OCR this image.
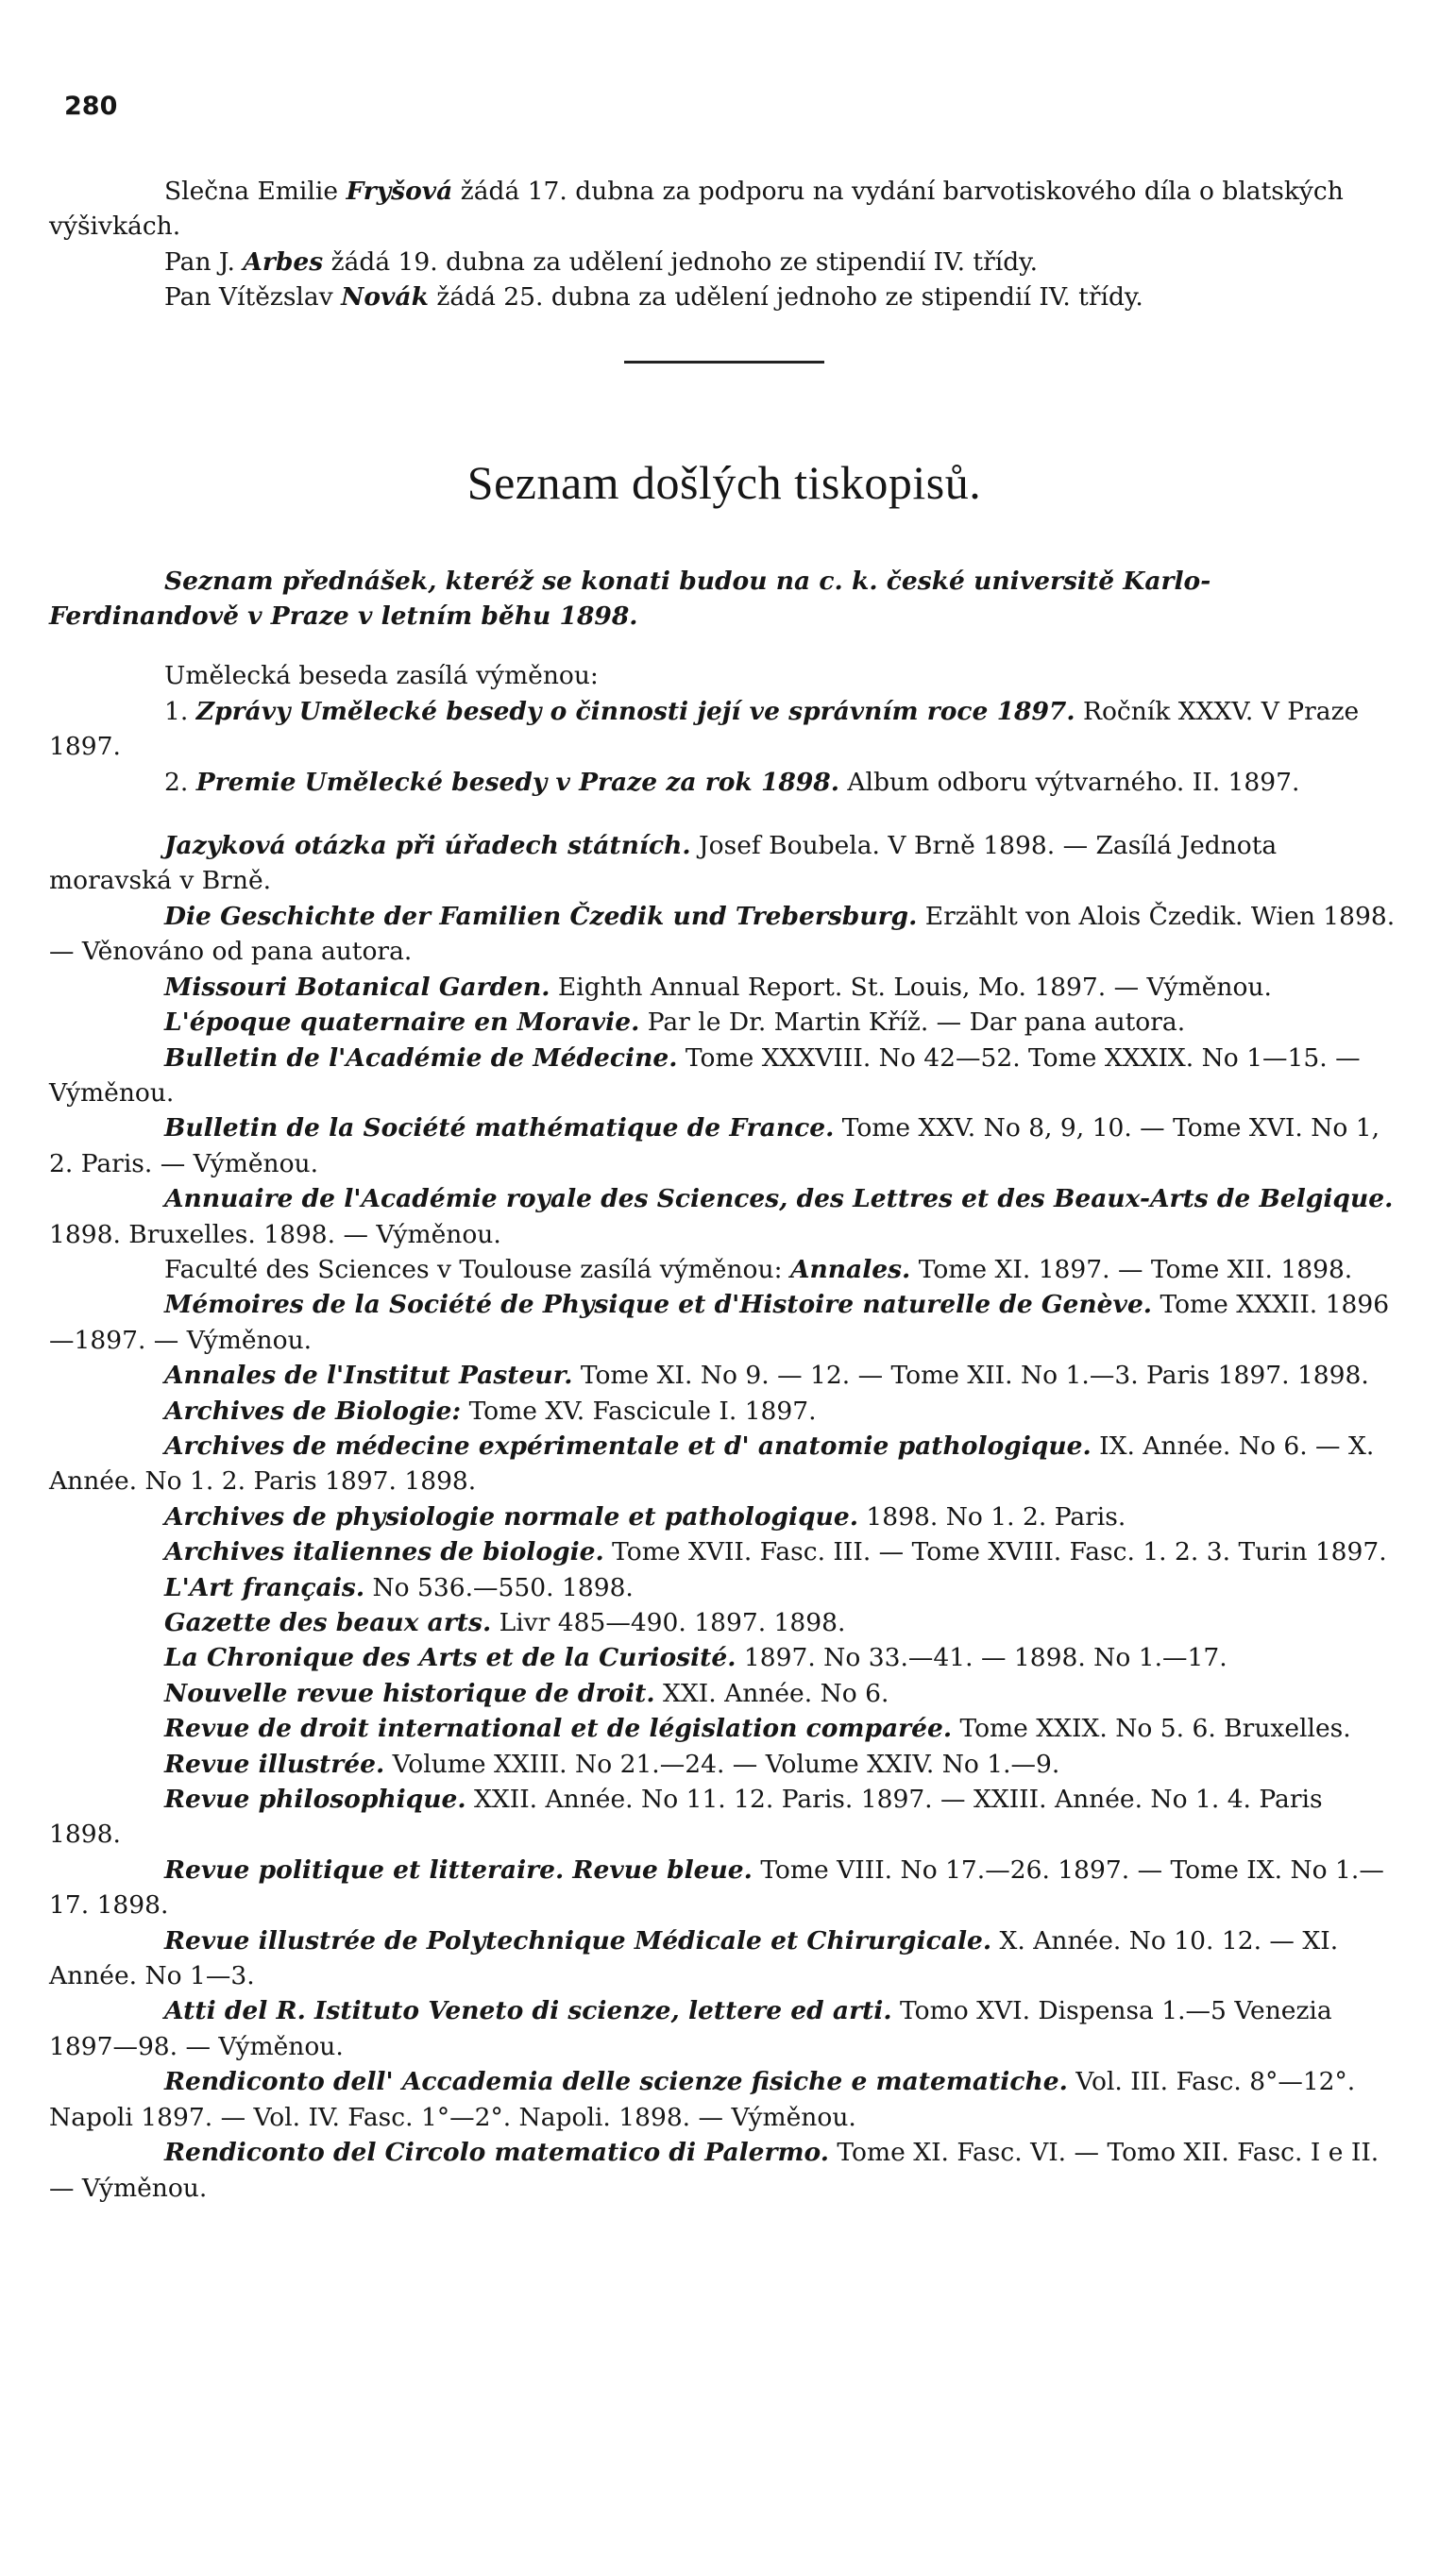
280

Slečna Emilie Fryšová žádá 17. dubna za podporu na vydání barvotiskového díla o blatských výšivkách.

Pan J. Arbes žádá 19. dubna za udělení jednoho ze stipendií IV. třídy.

Pan Vítězslav Novák žádá 25. dubna za udělení jednoho ze stipendií IV. třídy.

Seznam došlých tiskopisů.

Seznam přednášek, kteréž se konati budou na c. k. české universitě Karlo-Ferdinandově v Praze v letním běhu 1898.

Umělecká beseda zasílá výměnou:

1. Zprávy Umělecké besedy o činnosti její ve správním roce 1897. Ročník XXXV. V Praze 1897.

2. Premie Umělecké besedy v Praze za rok 1898. Album odboru výtvarného. II. 1897.

Jazyková otázka při úřadech státních. Josef Boubela. V Brně 1898. — Zasílá Jednota moravská v Brně.

Die Geschichte der Familien Čzedik und Trebersburg. Erzählt von Alois Čzedik. Wien 1898. — Věnováno od pana autora.

Missouri Botanical Garden. Eighth Annual Report. St. Louis, Mo. 1897. — Výměnou.

L'époque quaternaire en Moravie. Par le Dr. Martin Kříž. — Dar pana autora.

Bulletin de l'Académie de Médecine. Tome XXXVIII. No 42—52. Tome XXXIX. No 1—15. — Výměnou.

Bulletin de la Société mathématique de France. Tome XXV. No 8, 9, 10. — Tome XVI. No 1, 2. Paris. — Výměnou.

Annuaire de l'Académie royale des Sciences, des Lettres et des Beaux-Arts de Belgique. 1898. Bruxelles. 1898. — Výměnou.

Faculté des Sciences v Toulouse zasílá výměnou: Annales. Tome XI. 1897. — Tome XII. 1898.

Mémoires de la Société de Physique et d'Histoire naturelle de Genève. Tome XXXII. 1896—1897. — Výměnou.

Annales de l'Institut Pasteur. Tome XI. No 9. — 12. — Tome XII. No 1.—3. Paris 1897. 1898.

Archives de Biologie: Tome XV. Fascicule I. 1897.

Archives de médecine expérimentale et d' anatomie pathologique. IX. Année. No 6. — X. Année. No 1. 2. Paris 1897. 1898.

Archives de physiologie normale et pathologique. 1898. No 1. 2. Paris.

Archives italiennes de biologie. Tome XVII. Fasc. III. — Tome XVIII. Fasc. 1. 2. 3. Turin 1897.

L'Art français. No 536.—550. 1898.

Gazette des beaux arts. Livr 485—490. 1897. 1898.

La Chronique des Arts et de la Curiosité. 1897. No 33.—41. — 1898. No 1.—17.

Nouvelle revue historique de droit. XXI. Année. No 6.

Revue de droit international et de législation comparée. Tome XXIX. No 5. 6. Bruxelles.

Revue illustrée. Volume XXIII. No 21.—24. — Volume XXIV. No 1.—9.

Revue philosophique. XXII. Année. No 11. 12. Paris. 1897. — XXIII. Année. No 1. 4. Paris 1898.

Revue politique et litteraire. Revue bleue. Tome VIII. No 17.—26. 1897. — Tome IX. No 1.—17. 1898.

Revue illustrée de Polytechnique Médicale et Chirurgicale. X. Année. No 10. 12. — XI. Année. No 1—3.

Atti del R. Istituto Veneto di scienze, lettere ed arti. Tomo XVI. Dispensa 1.—5 Venezia 1897—98. — Výměnou.

Rendiconto dell' Accademia delle scienze fisiche e matematiche. Vol. III. Fasc. 8°—12°. Napoli 1897. — Vol. IV. Fasc. 1°—2°. Napoli. 1898. — Výměnou.

Rendiconto del Circolo matematico di Palermo. Tome XI. Fasc. VI. — Tomo XII. Fasc. I e II. — Výměnou.
